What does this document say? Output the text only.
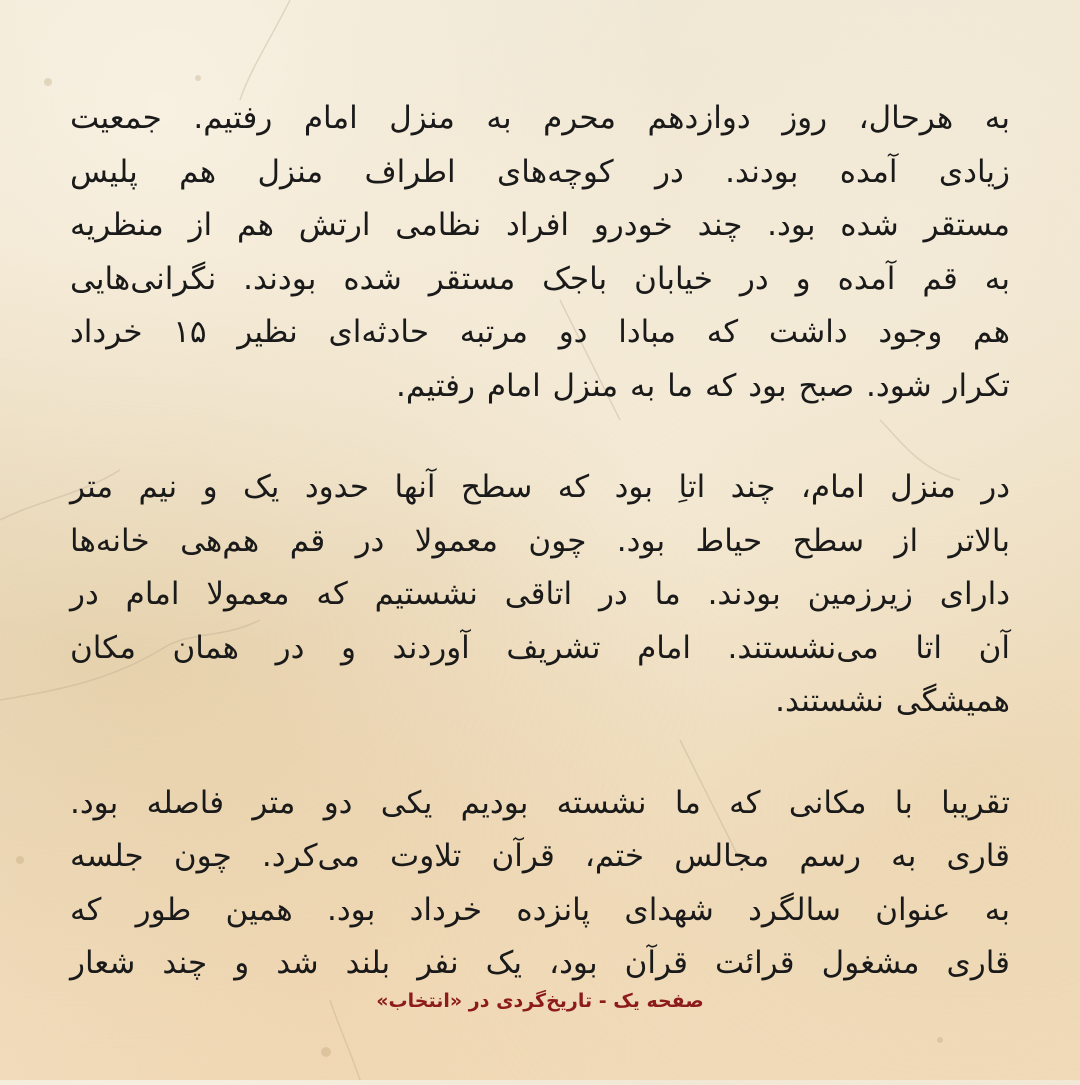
به هرحال، روز دوازدهم محرم به منزل امام رفتیم. جمعیت
زیادی آمده بودند. در کوچه‌های اطراف منزل هم پلیس
مستقر شده بود. چند خودرو افراد نظامی ارتش هم از منظریه
به قم آمده و در خیابان باجک مستقر شده بودند. نگرانی‌هایی
هم وجود داشت که مبادا دو مرتبه حادثه‌ای نظیر ۱۵ خرداد
تکرار شود. صبح بود که ما به منزل امام رفتیم.
در منزل امام، چند اتاِ بود که سطح آنها حدود یک و نیم متر
بالاتر از سطح حیاط بود. چون معمولا در قم هم‌هی خانه‌ها
دارای زیرزمین بودند. ما در اتاقی نشستیم که معمولا امام در
آن اتا می‌نشستند. امام تشریف آوردند و در همان مکان
همیشگی نشستند.
تقریبا با مکانی که ما نشسته بودیم یکی دو متر فاصله بود.
قاری به رسم مجالس ختم، قرآن تلاوت می‌کرد. چون جلسه
به عنوان سالگرد شهدای پانزده خرداد بود. همین طور که
قاری مشغول قرائت قرآن بود، یک نفر بلند شد و چند شعار
صفحه یک - تاریخ‌گردی در «انتخاب»
